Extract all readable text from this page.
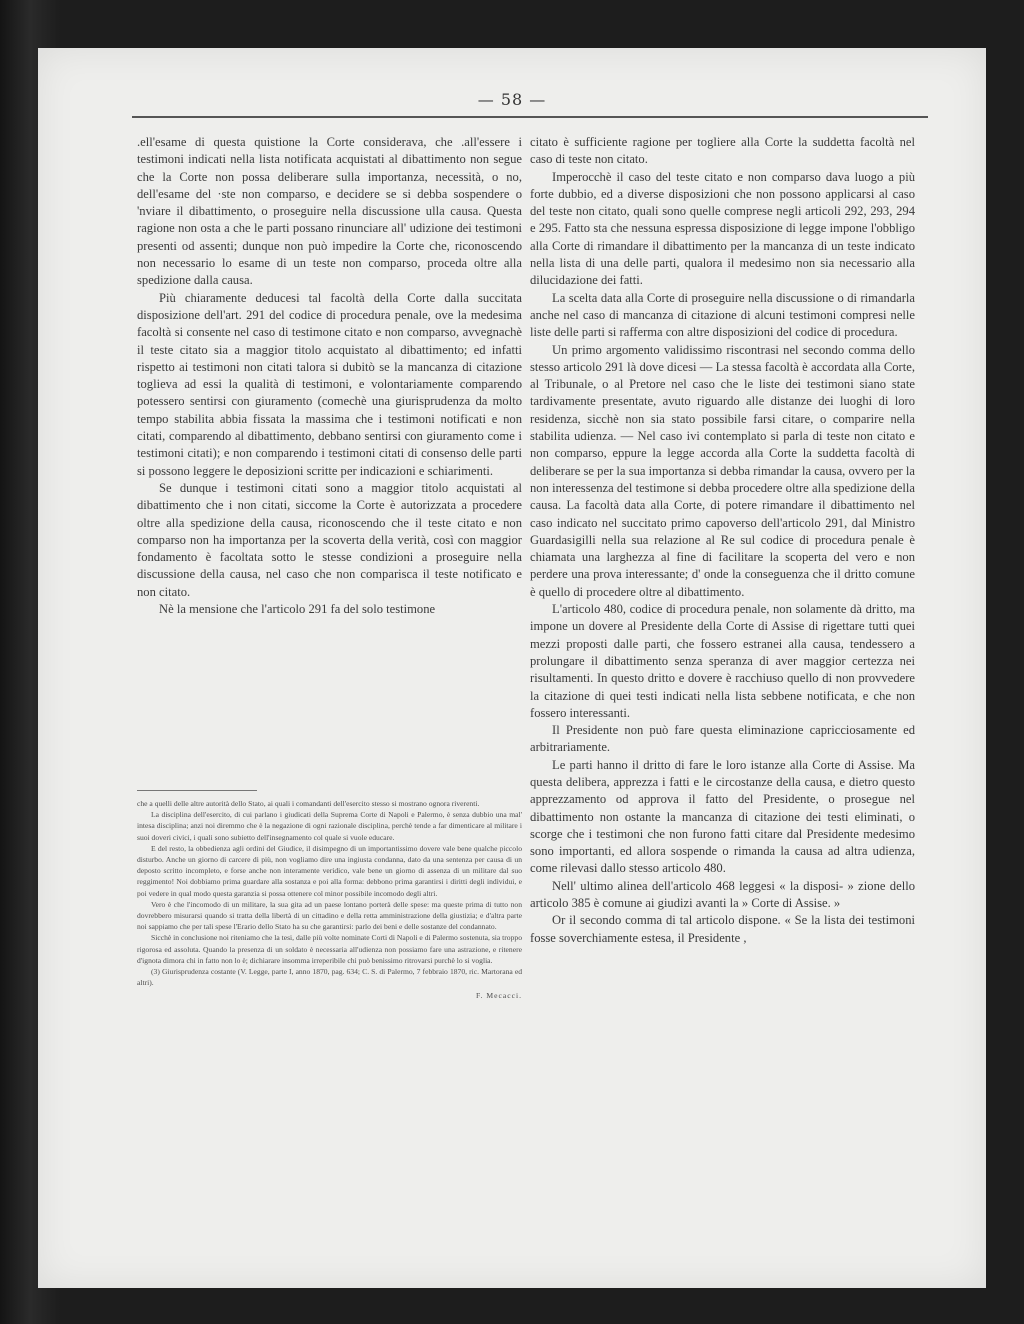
— 58 —

.ell'esame di questa quistione la Corte considerava, che .all'essere i testimoni indicati nella lista notificata acquistati al dibattimento non segue che la Corte non possa deliberare sulla importanza, necessità, o no, dell'esame del ·ste non comparso, e decidere se si debba sospendere o 'nviare il dibattimento, o proseguire nella discussione ulla causa. Questa ragione non osta a che le parti possano rinunciare all' udizione dei testimoni presenti od assenti; dunque non può impedire la Corte che, riconoscendo non necessario lo esame di un teste non comparso, proceda oltre alla spedizione dalla causa.

Più chiaramente deducesi tal facoltà della Corte dalla succitata disposizione dell'art. 291 del codice di procedura penale, ove la medesima facoltà si consente nel caso di testimone citato e non comparso, avvegnachè il teste citato sia a maggior titolo acquistato al dibattimento; ed infatti rispetto ai testimoni non citati talora si dubitò se la mancanza di citazione toglieva ad essi la qualità di testimoni, e volontariamente comparendo potessero sentirsi con giuramento (comechè una giurisprudenza da molto tempo stabilita abbia fissata la massima che i testimoni notificati e non citati, comparendo al dibattimento, debbano sentirsi con giuramento come i testimoni citati); e non comparendo i testimoni citati di consenso delle parti si possono leggere le deposizioni scritte per indicazioni e schiarimenti.

Se dunque i testimoni citati sono a maggior titolo acquistati al dibattimento che i non citati, siccome la Corte è autorizzata a procedere oltre alla spedizione della causa, riconoscendo che il teste citato e non comparso non ha importanza per la scoverta della verità, così con maggior fondamento è facoltata sotto le stesse condizioni a proseguire nella discussione della causa, nel caso che non comparisca il teste notificato e non citato.

Nè la mensione che l'articolo 291 fa del solo testimone

citato è sufficiente ragione per togliere alla Corte la suddetta facoltà nel caso di teste non citato.

Imperocchè il caso del teste citato e non comparso dava luogo a più forte dubbio, ed a diverse disposizioni che non possono applicarsi al caso del teste non citato, quali sono quelle comprese negli articoli 292, 293, 294 e 295. Fatto sta che nessuna espressa disposizione di legge impone l'obbligo alla Corte di rimandare il dibattimento per la mancanza di un teste indicato nella lista di una delle parti, qualora il medesimo non sia necessario alla dilucidazione dei fatti.

La scelta data alla Corte di proseguire nella discussione o di rimandarla anche nel caso di mancanza di citazione di alcuni testimoni compresi nelle liste delle parti si rafferma con altre disposizioni del codice di procedura.

Un primo argomento validissimo riscontrasi nel secondo comma dello stesso articolo 291 là dove dicesi — La stessa facoltà è accordata alla Corte, al Tribunale, o al Pretore nel caso che le liste dei testimoni siano state tardivamente presentate, avuto riguardo alle distanze dei luoghi di loro residenza, sicchè non sia stato possibile farsi citare, o comparire nella stabilita udienza. — Nel caso ivi contemplato si parla di teste non citato e non comparso, eppure la legge accorda alla Corte la suddetta facoltà di deliberare se per la sua importanza si debba rimandar la causa, ovvero per la non interessenza del testimone si debba procedere oltre alla spedizione della causa. La facoltà data alla Corte, di potere rimandare il dibattimento nel caso indicato nel succitato primo capoverso dell'articolo 291, dal Ministro Guardasigilli nella sua relazione al Re sul codice di procedura penale è chiamata una larghezza al fine di facilitare la scoperta del vero e non perdere una prova interessante; d' onde la conseguenza che il dritto comune è quello di procedere oltre al dibattimento.

L'articolo 480, codice di procedura penale, non solamente dà dritto, ma impone un dovere al Presidente della Corte di Assise di rigettare tutti quei mezzi proposti dalle parti, che fossero estranei alla causa, tendessero a prolungare il dibattimento senza speranza di aver maggior certezza nei risultamenti. In questo dritto e dovere è racchiuso quello di non provvedere la citazione di quei testi indicati nella lista sebbene notificata, e che non fossero interessanti.

Il Presidente non può fare questa eliminazione capricciosamente ed arbitrariamente.

Le parti hanno il dritto di fare le loro istanze alla Corte di Assise. Ma questa delibera, apprezza i fatti e le circostanze della causa, e dietro questo apprezzamento od approva il fatto del Presidente, o prosegue nel dibattimento non ostante la mancanza di citazione dei testi eliminati, o scorge che i testimoni che non furono fatti citare dal Presidente medesimo sono importanti, ed allora sospende o rimanda la causa ad altra udienza, come rilevasi dallo stesso articolo 480.

Nell' ultimo alinea dell'articolo 468 leggesi « la disposi- » zione dello articolo 385 è comune ai giudizi avanti la » Corte di Assise. »

Or il secondo comma di tal articolo dispone. « Se la lista dei testimoni fosse soverchiamente estesa, il Presidente ,

che a quelli delle altre autorità dello Stato, ai quali i comandanti dell'esercito stesso si mostrano ognora riverenti.

La disciplina dell'esercito, di cui parlano i giudicati della Suprema Corte di Napoli e Palermo, è senza dubbio una mal' intesa disciplina; anzi noi diremmo che è la negazione di ogni razionale disciplina, perchè tende a far dimenticare al militare i suoi doveri civici, i quali sono subietto dell'insegnamento col quale si vuole educare.

E del resto, la obbedienza agli ordini del Giudice, il disimpegno di un importantissimo dovere vale bene qualche piccolo disturbo. Anche un giorno di carcere di più, non vogliamo dire una ingiusta condanna, dato da una sentenza per causa di un deposto scritto incompleto, e forse anche non interamente veridico, vale bene un giorno di assenza di un militare dal suo reggimento! Noi dobbiamo prima guardare alla sostanza e poi alla forma: debbono prima garantirsi i diritti degli individui, e poi vedere in qual modo questa garanzia si possa ottenere col minor possibile incomodo degli altri.

Vero è che l'incomodo di un militare, la sua gita ad un paese lontano porterà delle spese: ma queste prima di tutto non dovrebbero misurarsi quando si tratta della libertà di un cittadino e della retta amministrazione della giustizia; e d'altra parte noi sappiamo che per tali spese l'Erario dello Stato ha su che garantirsi: parlo dei beni e delle sostanze del condannato.

Sicchè in conclusione noi riteniamo che la tesi, dalle più volte nominate Corti di Napoli e di Palermo sostenuta, sia troppo rigorosa ed assoluta. Quando la presenza di un soldato è necessaria all'udienza non possiamo fare una astrazione, e ritenere d'ignota dimora chi in fatto non lo è; dichiarare insomma irreperibile chi può benissimo ritrovarsi purchè lo si voglia.

(3) Giurisprudenza costante (V. Legge, parte I, anno 1870, pag. 634; C. S. di Palermo, 7 febbraio 1870, ric. Martorana ed altri).

F. Mecacci.
